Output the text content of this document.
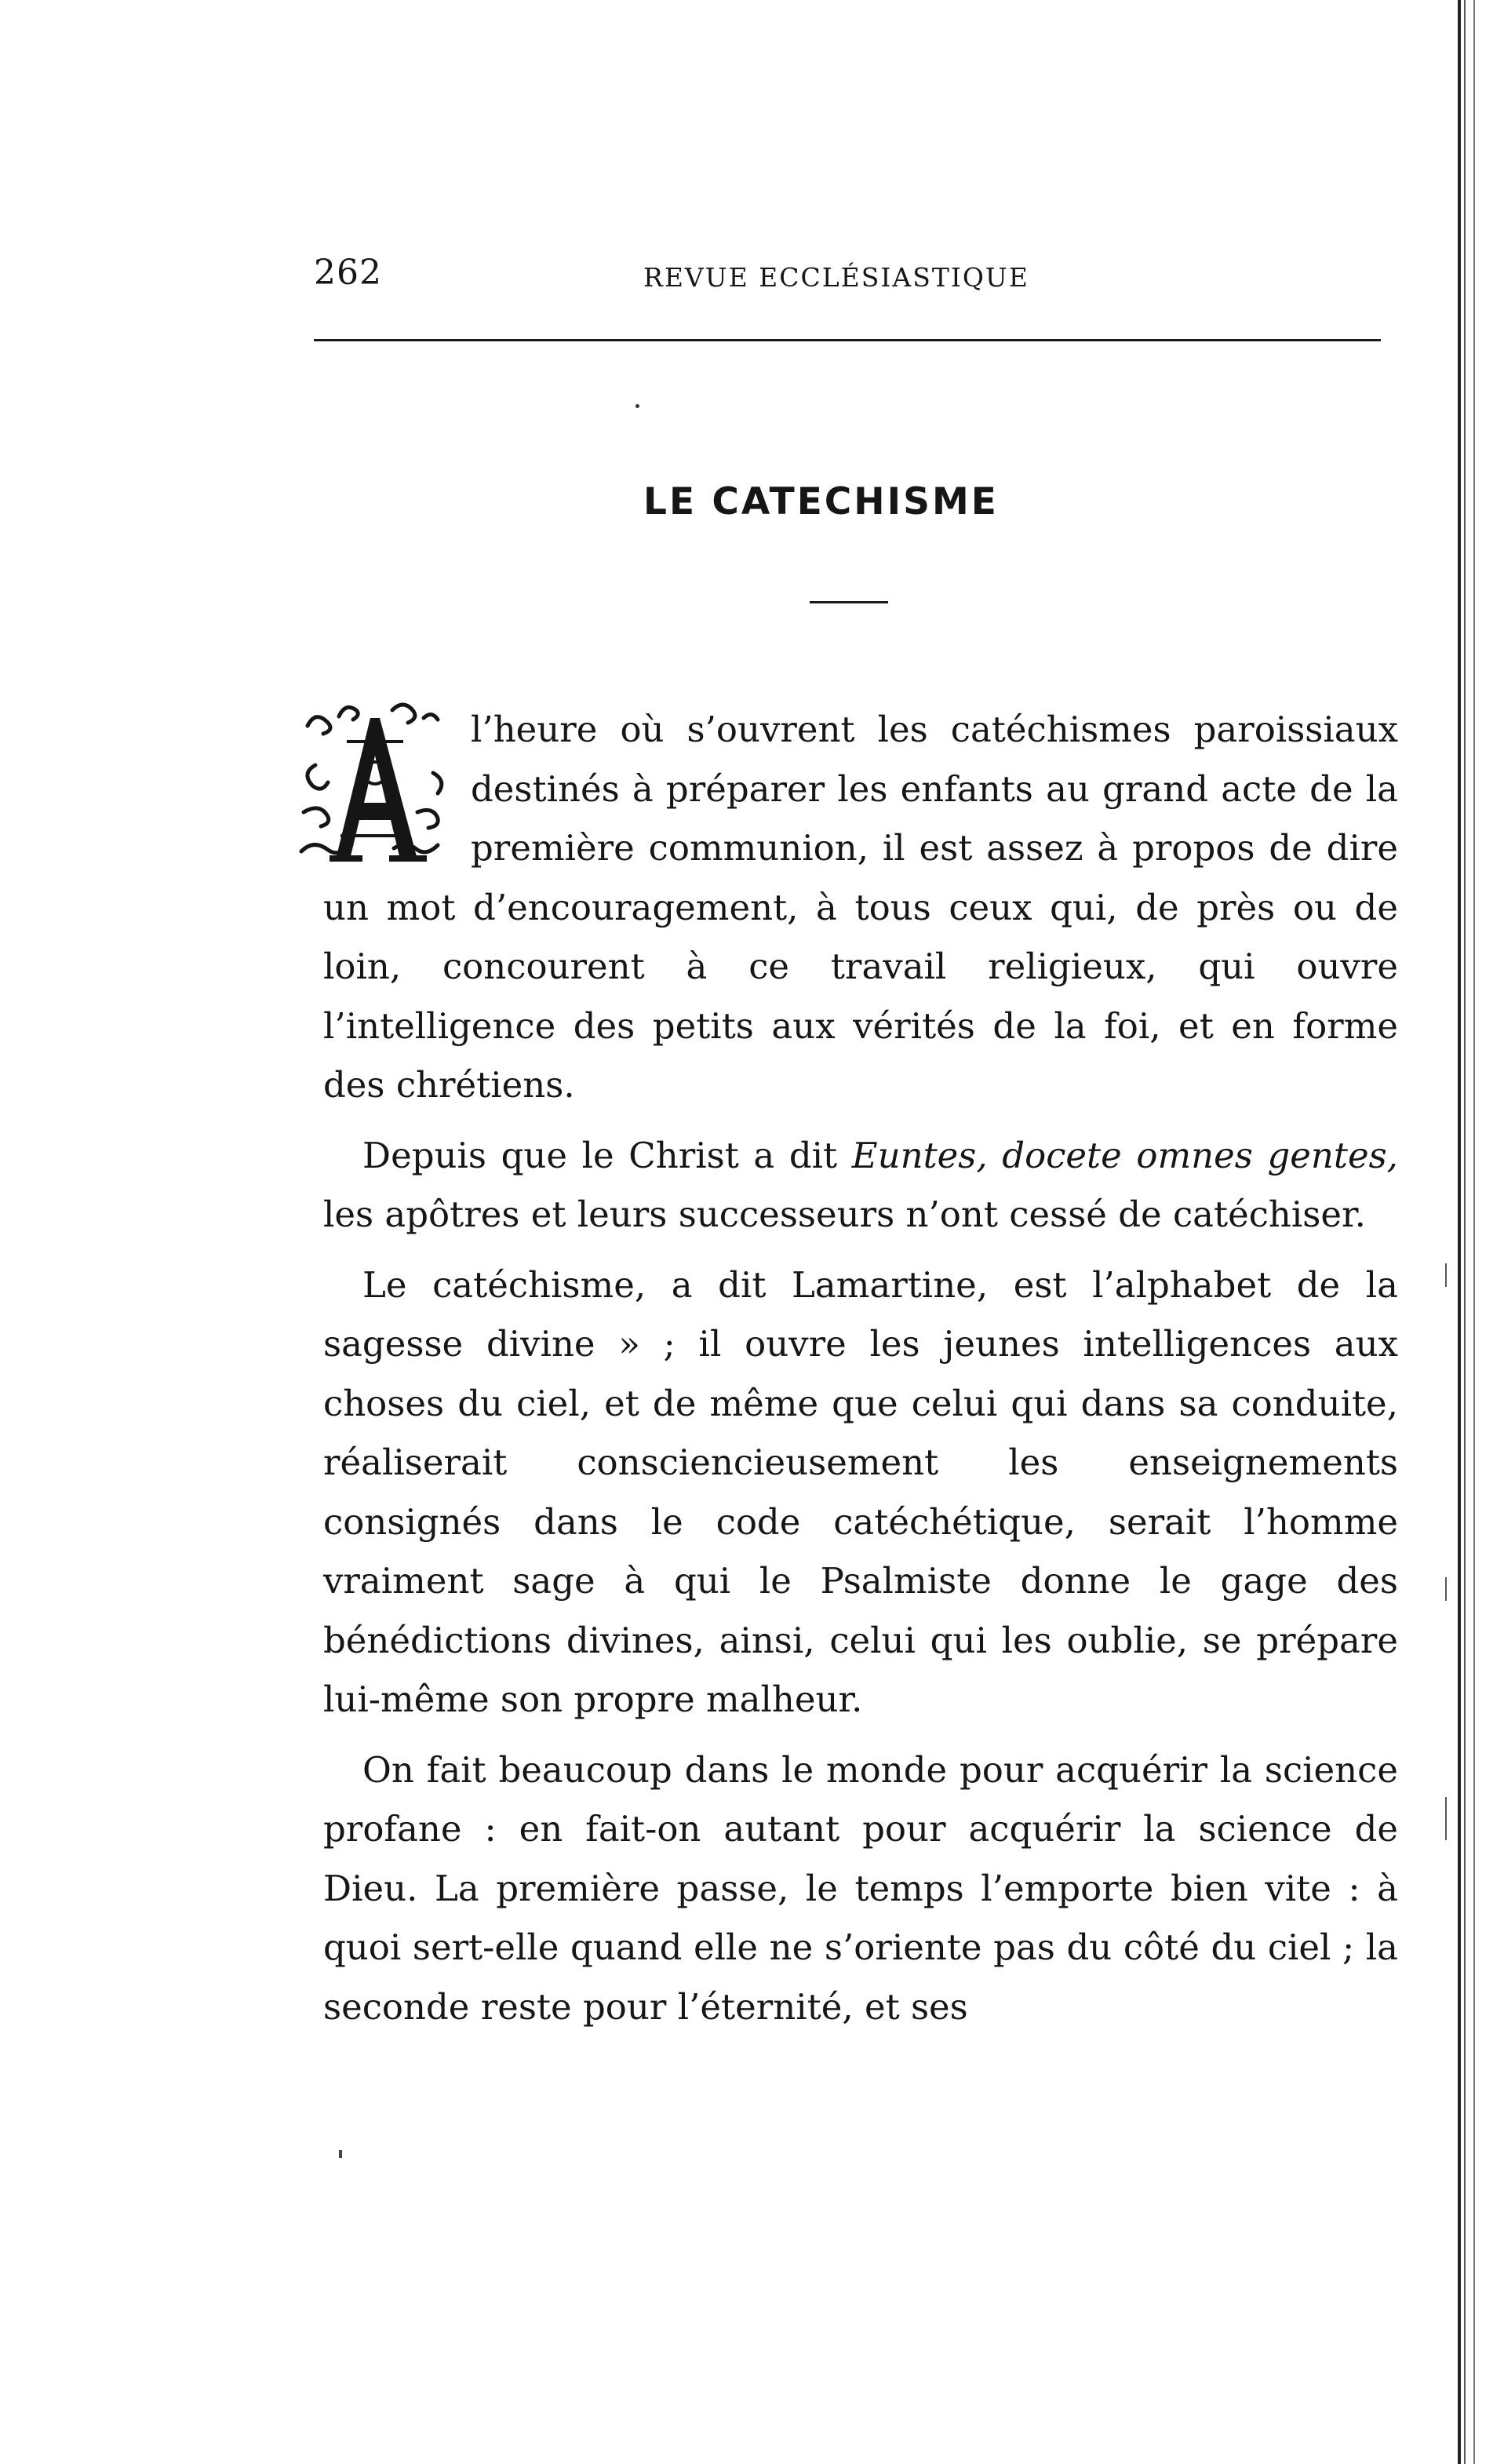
262	REVUE ECCLÉSIASTIQUE
LE CATECHISME

l’heure où s’ouvrent les catéchismes paroissiaux destinés à préparer les enfants au grand acte de la première communion, il est assez à propos de dire un mot d’encouragement, à tous ceux qui, de près ou de loin, concourent à ce travail religieux, qui ouvre l’intelligence des petits aux vérités de la foi, et en forme des chrétiens.

Depuis que le Christ a dit Euntes, docete omnes gentes, les apôtres et leurs successeurs n’ont cessé de catéchiser.

Le catéchisme, a dit Lamartine, est l’alphabet de la sagesse divine » ; il ouvre les jeunes intelligences aux choses du ciel, et de même que celui qui dans sa conduite, réaliserait consciencieusement les enseignements consignés dans le code catéchétique, serait l’homme vraiment sage à qui le Psalmiste donne le gage des bénédictions divines, ainsi, celui qui les oublie, se prépare lui-même son propre malheur.

On fait beaucoup dans le monde pour acquérir la science profane : en fait-on autant pour acquérir la science de Dieu. La première passe, le temps l’emporte bien vite : à quoi sert-elle quand elle ne s’oriente pas du côté du ciel ; la seconde reste pour l’éternité, et ses
